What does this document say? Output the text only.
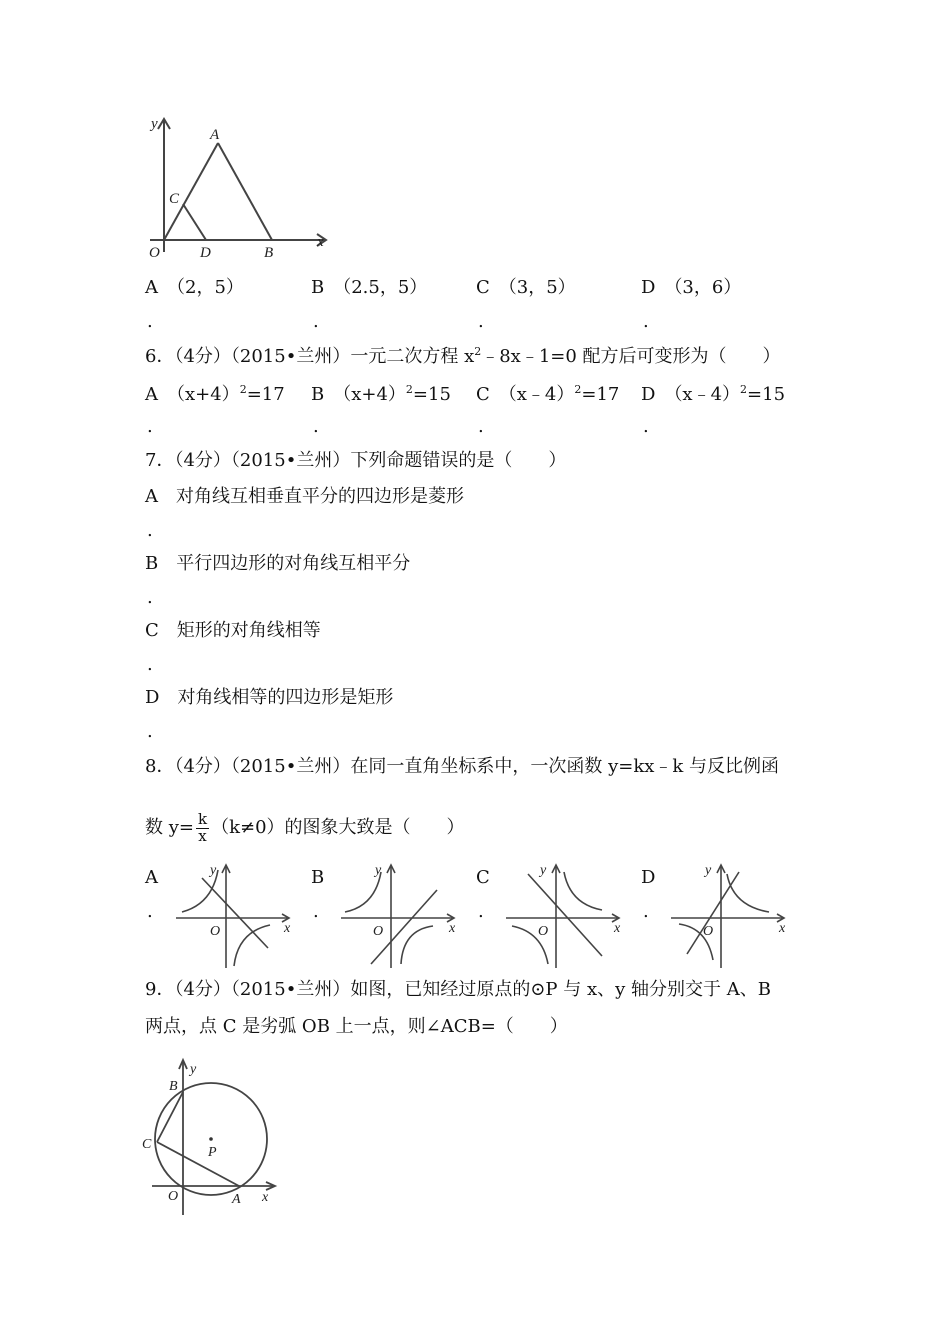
y
x
A
B
C
D
O
A　 （2，5）	B　 （2.5，5）	C　 （3，5）	D　 （3，6）
.	.	.	.
6．（4分）（2015•兰州）一元二次方程 $x^2﹣8x﹣1=0$ 配方后可变形为（　　）
A　 $(x+4)^2=17$ B　 $(x+4)^2=15$ C　 （x﹣4）$^2$=17 D　 （x﹣4）$^2$=15
.	.	.	.
7．（4分）（2015•兰州）下列命题错误的是（　　）
A　 对角线互相垂直平分的四边形是菱形
.
B　 平行四边形的对角线互相平分
.
C　 矩形的对角线相等
.
D　 对角线相等的四边形是矩形
.
8．（4分）（2015•兰州）在同一直角坐标系中，一次函数 y=kx﹣k 与反比例函
数 $y= \frac{k}{x} (k\ne 0)$的图象大致是（　　）
A	B	C	D
.	.	.	.
y
x
O
y
x
O
y
x
O
y
x
O
9．（4分）（2015•兰州）如图，已知经过原点的⊙P 与 x、y 轴分别交于 A、B
两点，点 C 是劣弧 OB 上一点，则∠ACB=（　　）
y
x
B
C
P
O	A
